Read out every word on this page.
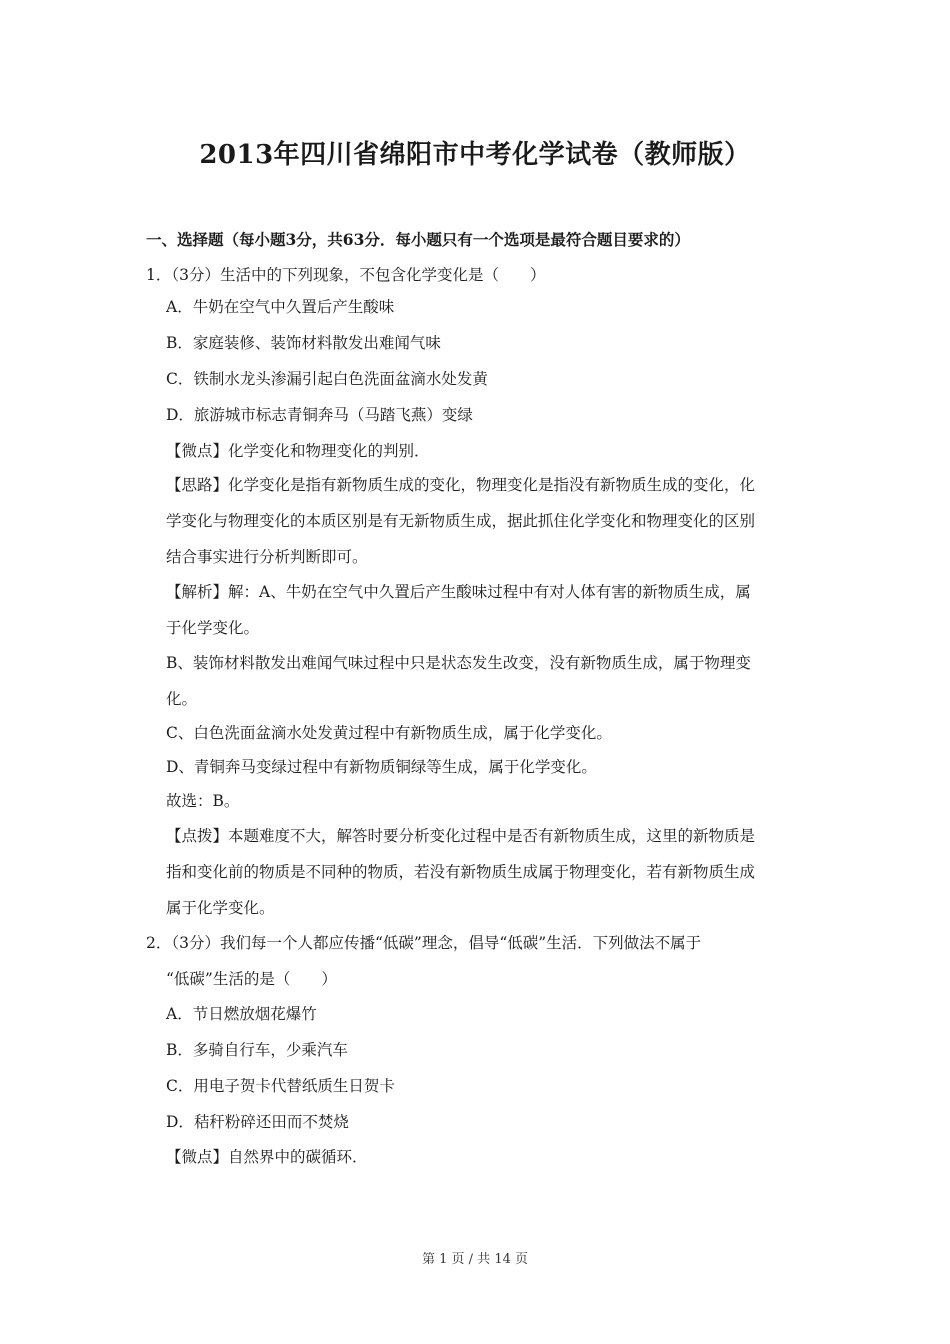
2013年四川省绵阳市中考化学试卷（教师版）
一、选择题（每小题3分，共63分．每小题只有一个选项是最符合题目要求的）
1．（3分）生活中的下列现象，不包含化学变化是（　　）
A．牛奶在空气中久置后产生酸味
B．家庭装修、装饰材料散发出难闻气味
C．铁制水龙头渗漏引起白色洗面盆滴水处发黄
D．旅游城市标志青铜奔马（马踏飞燕）变绿
【微点】化学变化和物理变化的判别．
【思路】化学变化是指有新物质生成的变化，物理变化是指没有新物质生成的变化，化
学变化与物理变化的本质区别是有无新物质生成，据此抓住化学变化和物理变化的区别
结合事实进行分析判断即可。
【解析】解：A、牛奶在空气中久置后产生酸味过程中有对人体有害的新物质生成，属
于化学变化。
B、装饰材料散发出难闻气味过程中只是状态发生改变，没有新物质生成，属于物理变
化。
C、白色洗面盆滴水处发黄过程中有新物质生成，属于化学变化。
D、青铜奔马变绿过程中有新物质铜绿等生成，属于化学变化。
故选：B。
【点拨】本题难度不大，解答时要分析变化过程中是否有新物质生成，这里的新物质是
指和变化前的物质是不同种的物质，若没有新物质生成属于物理变化，若有新物质生成
属于化学变化。
2．（3分）我们每一个人都应传播“低碳”理念，倡导“低碳”生活．下列做法不属于
“低碳”生活的是（　　）
A．节日燃放烟花爆竹
B．多骑自行车，少乘汽车
C．用电子贺卡代替纸质生日贺卡
D．秸秆粉碎还田而不焚烧
【微点】自然界中的碳循环．
第 1 页 / 共 14 页
